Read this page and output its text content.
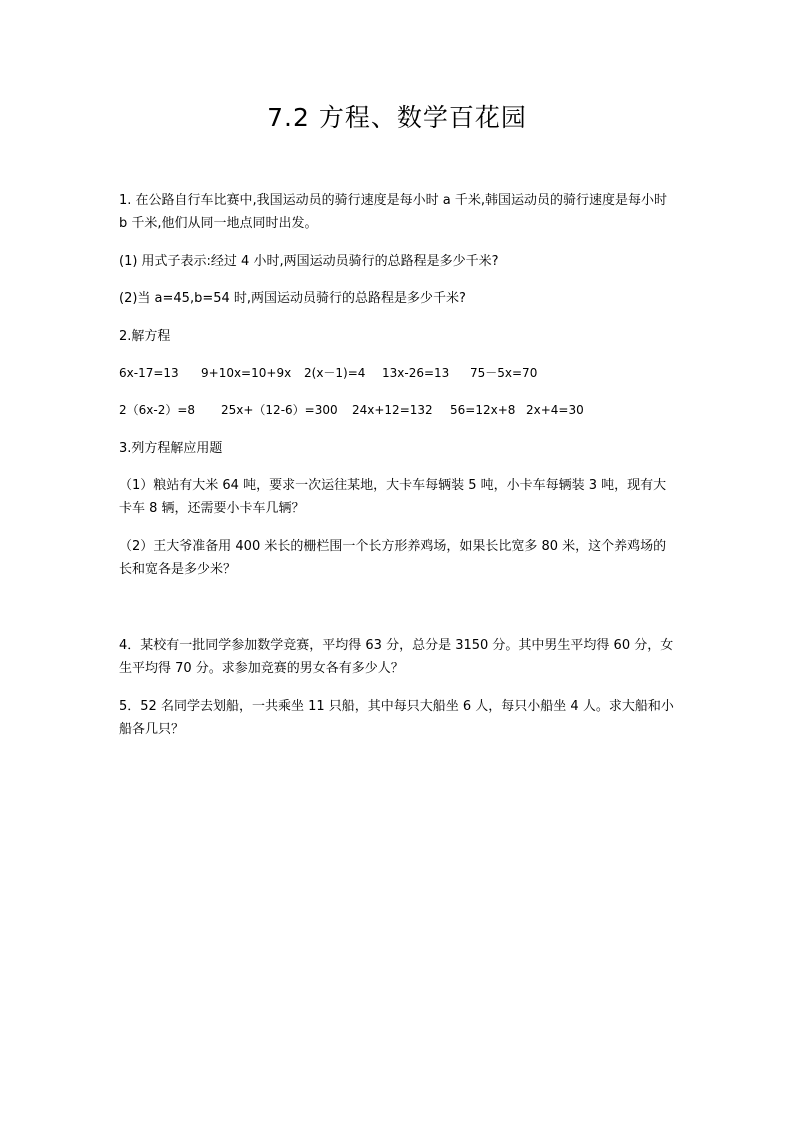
7.2 方程、数学百花园
1. 在公路自行车比赛中,我国运动员的骑行速度是每小时 a 千米,韩国运动员的骑行速度是每小时 b 千米,他们从同一地点同时出发。
(1) 用式子表示:经过 4 小时,两国运动员骑行的总路程是多少千米?
(2)当 a=45,b=54 时,两国运动员骑行的总路程是多少千米?
2.解方程
6x-17=13 9+10x=10+9x 2(x－1)=4 13x-26=13 75－5x=70
2（6x-2）=8 25x+（12-6）=300 24x+12=132 56=12x+8 2x+4=30
3.列方程解应用题
（1）粮站有大米 64 吨，要求一次运往某地，大卡车每辆装 5 吨，小卡车每辆装 3 吨，现有大卡车 8 辆，还需要小卡车几辆？
（2）王大爷准备用 400 米长的栅栏围一个长方形养鸡场，如果长比宽多 80 米，这个养鸡场的长和宽各是多少米？
4．某校有一批同学参加数学竞赛，平均得 63 分，总分是 3150 分。其中男生平均得 60 分，女生平均得 70 分。求参加竞赛的男女各有多少人？
5．52 名同学去划船，一共乘坐 11 只船，其中每只大船坐 6 人，每只小船坐 4 人。求大船和小船各几只？
